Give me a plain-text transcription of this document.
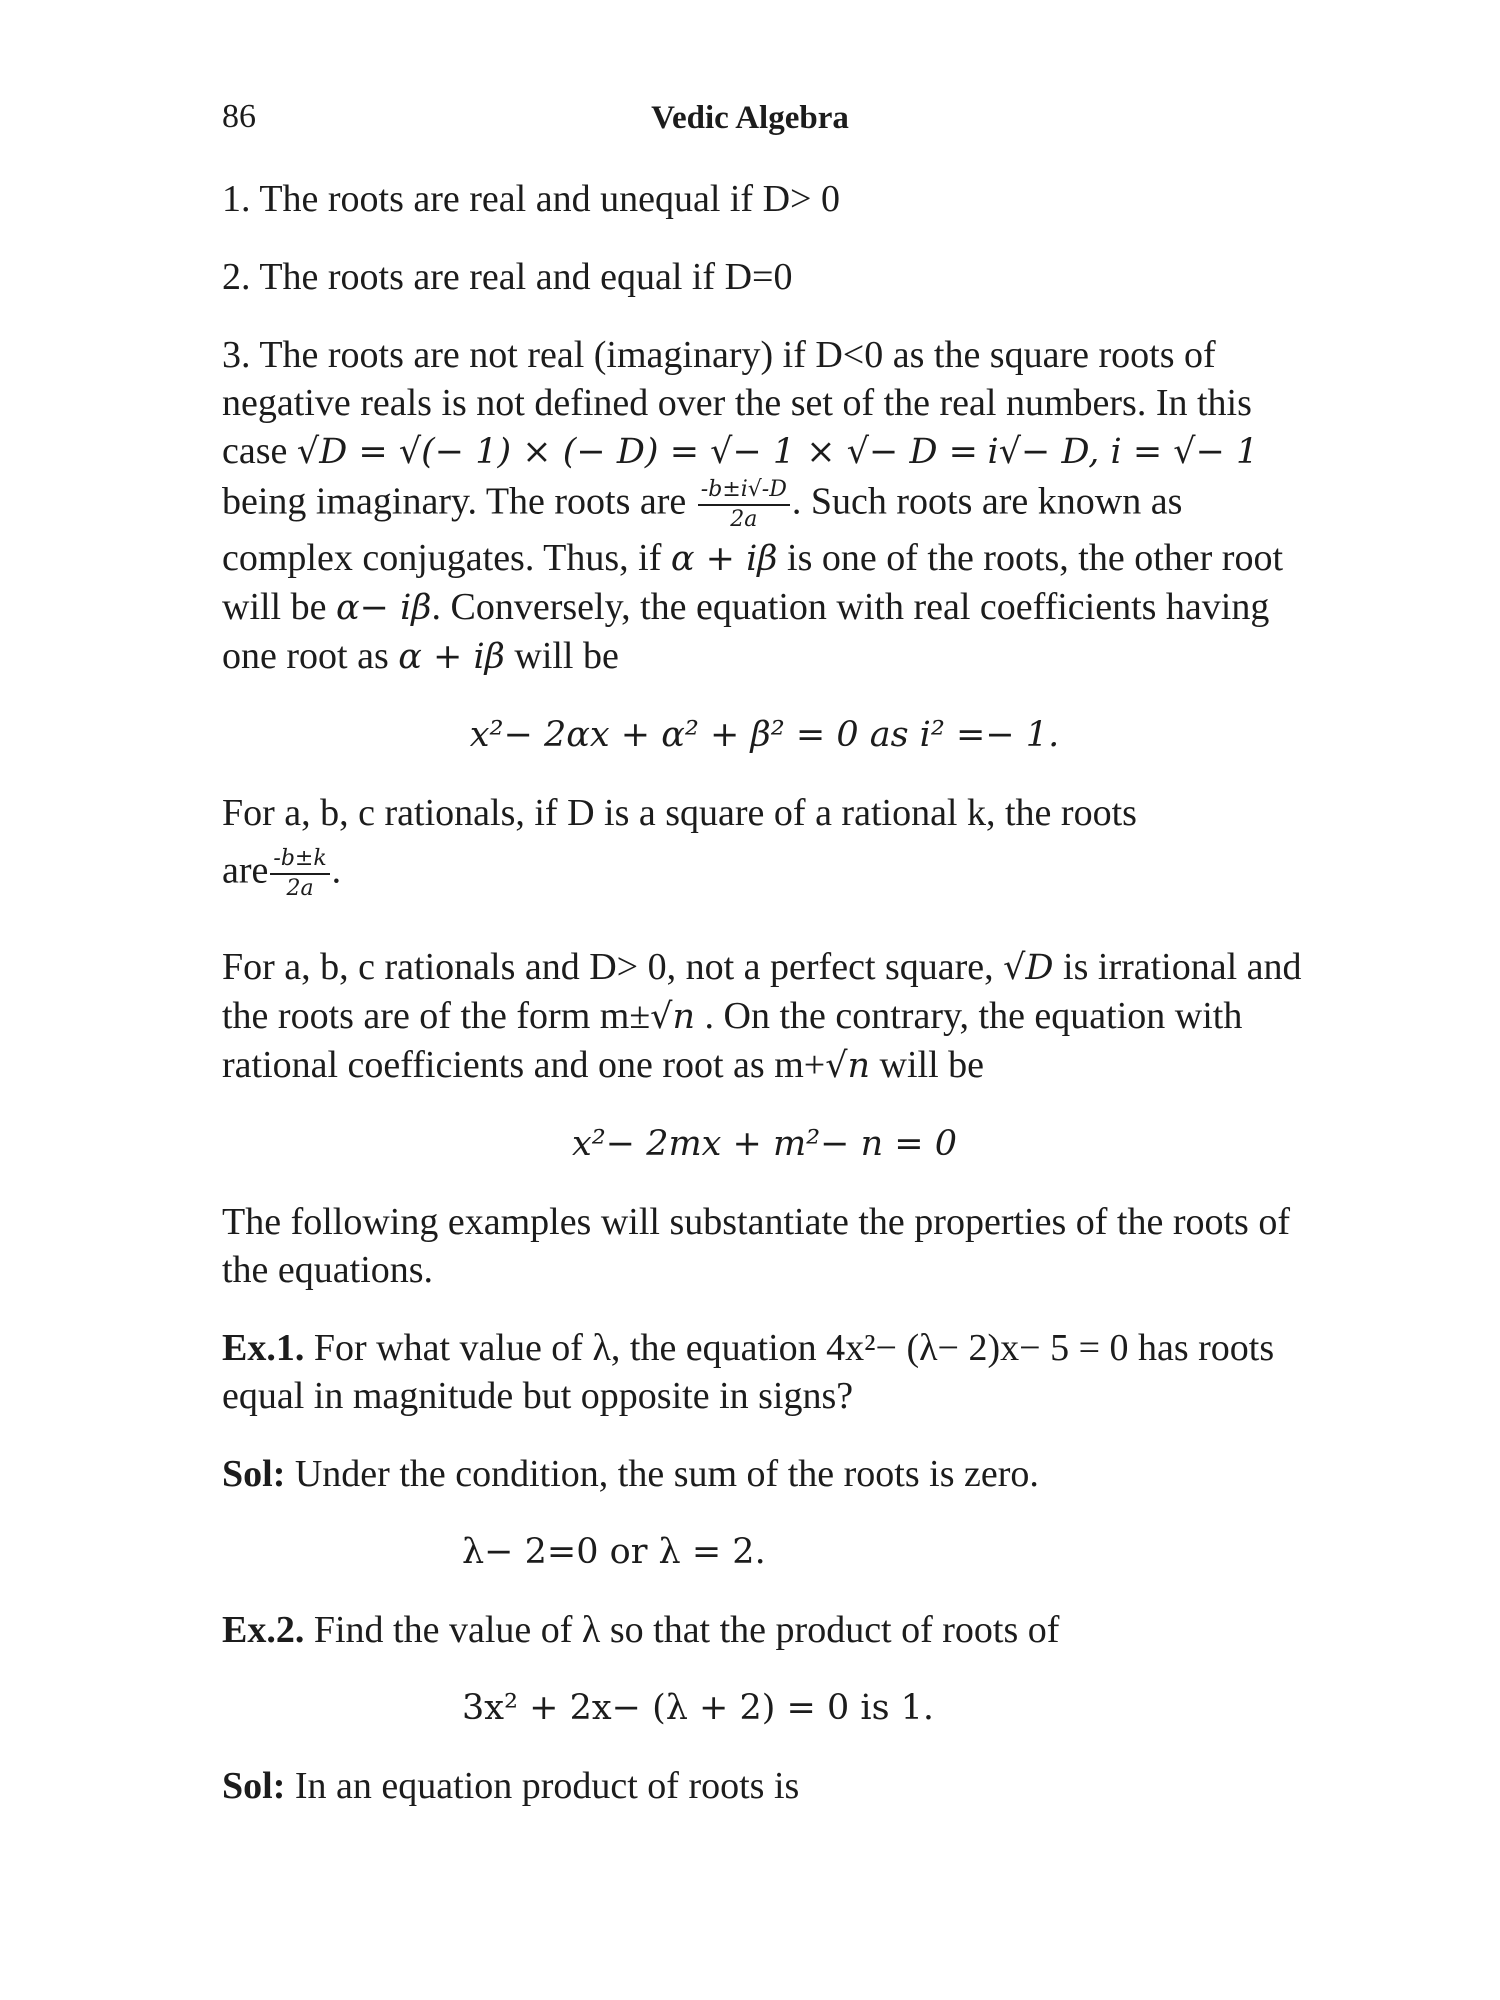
86	Vedic Algebra

1. The roots are real and unequal if D> 0

2. The roots are real and equal if D=0

3. The roots are not real (imaginary) if D<0 as the square roots of negative reals is not defined over the set of the real numbers. In this case √D = √(− 1) × (− D) = √− 1 × √− D = i√− D, i = √− 1 being imaginary. The roots are $\frac{-b\pm i√-D}{2a}$ . Such roots are known as complex conjugates. Thus, if α + iβ is one of the roots, the other root will be α− iβ. Conversely, the equation with real coefficients having one root as α + iβ will be

x²− 2αx + α² + β² = 0 as i² =− 1.

For a, b, c rationals, if D is a square of a rational k, the roots

are $\frac{-b\pm k}{2a}$ .

For a, b, c rationals and D> 0, not a perfect square, √D is irrational and the roots are of the form m±√n . On the contrary, the equation with rational coefficients and one root as m+√n will be

x²− 2mx + m²− n = 0

The following examples will substantiate the properties of the roots of the equations.

Ex.1. For what value of λ, the equation 4x²− (λ− 2)x− 5 = 0 has roots equal in magnitude but opposite in signs?

Sol: Under the condition, the sum of the roots is zero.

λ− 2=0 or λ = 2.

Ex.2. Find the value of λ so that the product of roots of

3x² + 2x− (λ + 2) = 0 is 1.

Sol: In an equation product of roots is
